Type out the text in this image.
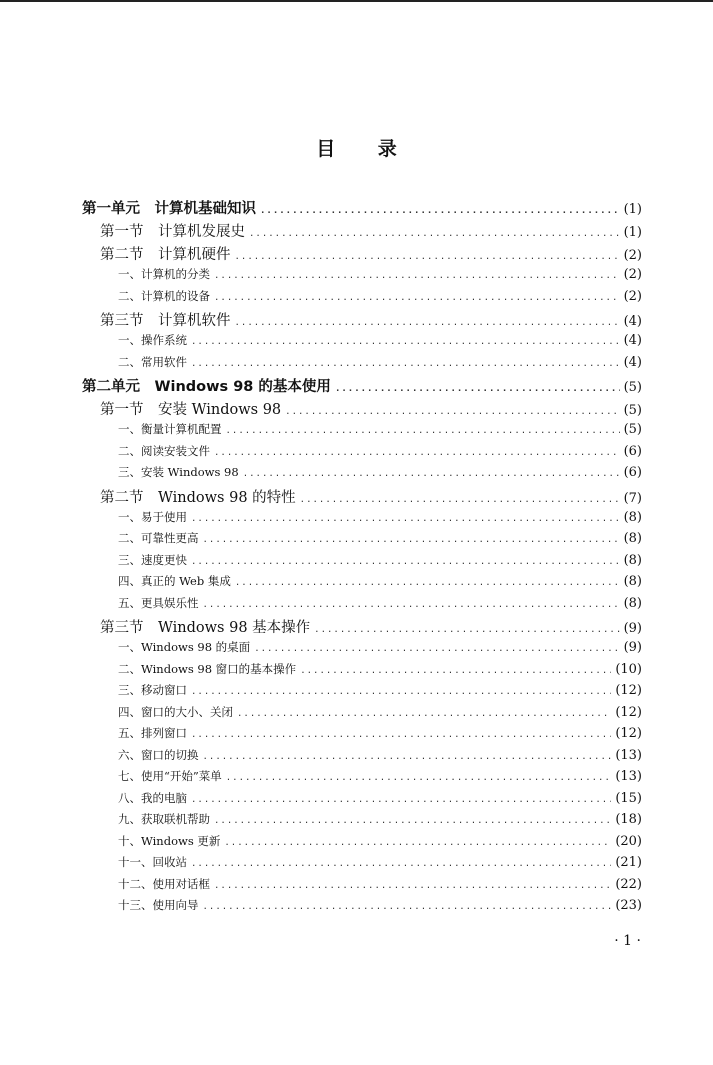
目 录
第一单元　计算机基础知识 .....	(1)
第一节　计算机发展史 .....	(1)
第二节　计算机硬件 .....	(2)
一、计算机的分类 .....	(2)
二、计算机的设备 .....	(2)
第三节　计算机软件 .....	(4)
一、操作系统 .....	(4)
二、常用软件 .....	(4)
第二单元　Windows 98 的基本使用 .....	(5)
第一节　安装 Windows 98 .....	(5)
一、衡量计算机配置 .....	(5)
二、阅读安装文件 .....	(6)
三、安装 Windows 98 .....	(6)
第二节　Windows 98 的特性 .....	(7)
一、易于使用 .....	(8)
二、可靠性更高 .....	(8)
三、速度更快 .....	(8)
四、真正的 Web 集成 .....	(8)
五、更具娱乐性 .....	(8)
第三节　Windows 98 基本操作 .....	(9)
一、Windows 98 的桌面 .....	(9)
二、Windows 98 窗口的基本操作 .....	(10)
三、移动窗口 .....	(12)
四、窗口的大小、关闭 .....	(12)
五、排列窗口 .....	(12)
六、窗口的切换 .....	(13)
七、使用“开始”菜单 .....	(13)
八、我的电脑 .....	(15)
九、获取联机帮助 .....	(18)
十、Windows 更新 .....	(20)
十一、回收站 .....	(21)
十二、使用对话框 .....	(22)
十三、使用向导 .....	(23)
· 1 ·
